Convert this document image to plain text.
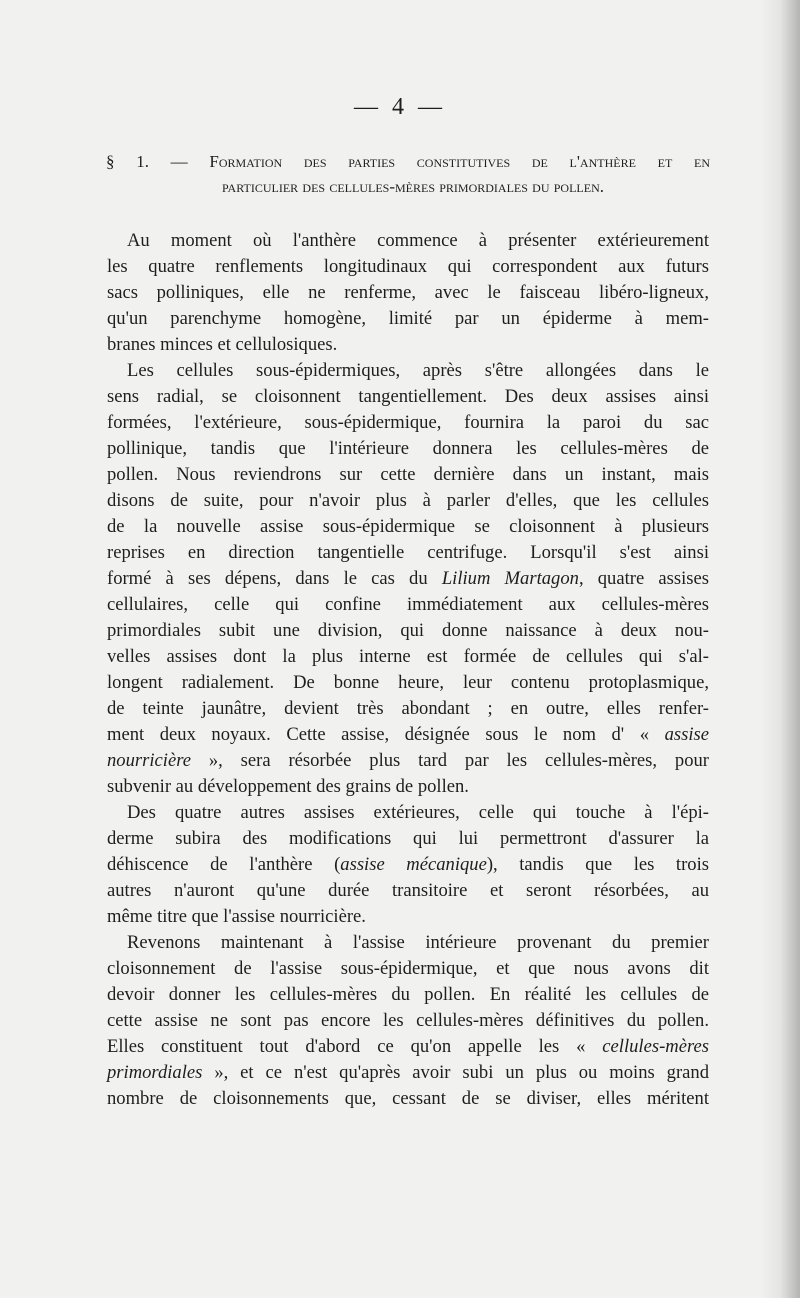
— 4 —
§ 1. — Formation des parties constitutives de l'anthère et en
particulier des cellules-mères primordiales du pollen.
Au moment où l'anthère commence à présenter extérieurement
les quatre renflements longitudinaux qui correspondent aux futurs
sacs polliniques, elle ne renferme, avec le faisceau libéro-ligneux,
qu'un parenchyme homogène, limité par un épiderme à mem-
branes minces et cellulosiques.
Les cellules sous-épidermiques, après s'être allongées dans le
sens radial, se cloisonnent tangentiellement. Des deux assises ainsi
formées, l'extérieure, sous-épidermique, fournira la paroi du sac
pollinique, tandis que l'intérieure donnera les cellules-mères de
pollen. Nous reviendrons sur cette dernière dans un instant, mais
disons de suite, pour n'avoir plus à parler d'elles, que les cellules
de la nouvelle assise sous-épidermique se cloisonnent à plusieurs
reprises en direction tangentielle centrifuge. Lorsqu'il s'est ainsi
formé à ses dépens, dans le cas du Lilium Martagon, quatre assises
cellulaires, celle qui confine immédiatement aux cellules-mères
primordiales subit une division, qui donne naissance à deux nou-
velles assises dont la plus interne est formée de cellules qui s'al-
longent radialement. De bonne heure, leur contenu protoplasmique,
de teinte jaunâtre, devient très abondant ; en outre, elles renfer-
ment deux noyaux. Cette assise, désignée sous le nom d' « assise
nourricière », sera résorbée plus tard par les cellules-mères, pour
subvenir au développement des grains de pollen.
Des quatre autres assises extérieures, celle qui touche à l'épi-
derme subira des modifications qui lui permettront d'assurer la
déhiscence de l'anthère (assise mécanique), tandis que les trois
autres n'auront qu'une durée transitoire et seront résorbées, au
même titre que l'assise nourricière.
Revenons maintenant à l'assise intérieure provenant du premier
cloisonnement de l'assise sous-épidermique, et que nous avons dit
devoir donner les cellules-mères du pollen. En réalité les cellules de
cette assise ne sont pas encore les cellules-mères définitives du pollen.
Elles constituent tout d'abord ce qu'on appelle les « cellules-mères
primordiales », et ce n'est qu'après avoir subi un plus ou moins grand
nombre de cloisonnements que, cessant de se diviser, elles méritent
